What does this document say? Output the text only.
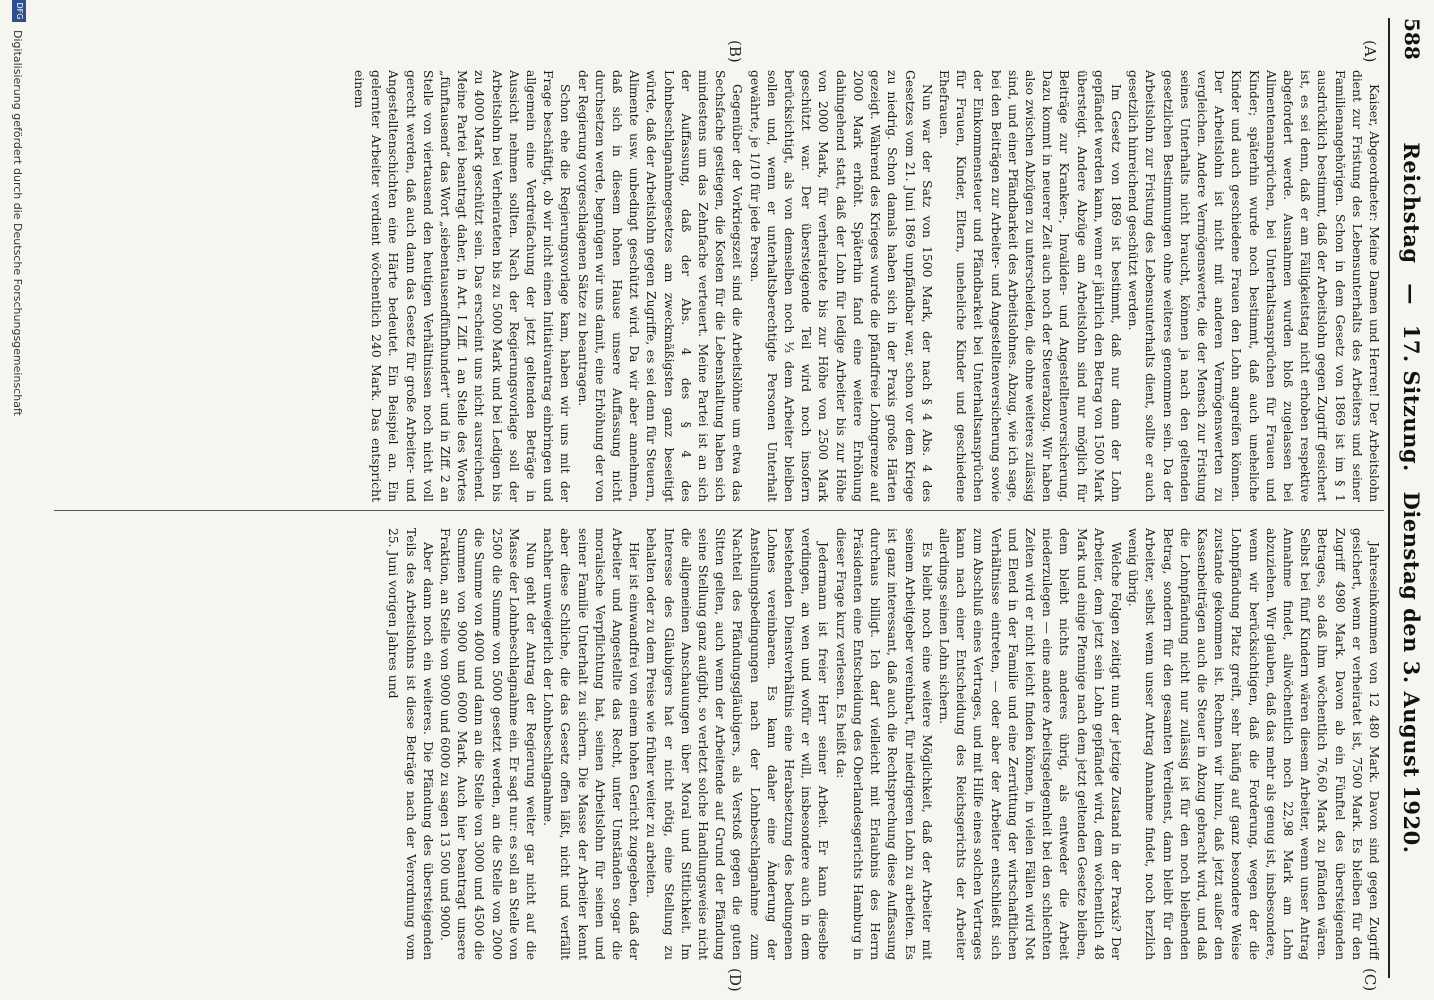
588
Reichstag — 17. Sitzung. Dienstag den 3. August 1920.
(A)
(B)
(C)
(D)

Kaiser, Abgeordneter: Meine Damen und Herren! Der Arbeitslohn dient zur Fristung des Lebensunterhalts des Arbeiters und seiner Familienangehörigen. Schon in dem Gesetz von 1869 ist im § 1 ausdrücklich bestimmt, daß der Arbeitslohn gegen Zugriff gesichert ist, es sei denn, daß er am Fälligkeitstag nicht erhoben respektive abgefordert werde. Ausnahmen wurden bloß zugelassen bei Alimentenansprüchen, bei Unterhaltsansprüchen für Frauen und Kinder; späterhin wurde noch bestimmt, daß auch uneheliche Kinder und auch geschiedene Frauen den Lohn angreifen können. Der Arbeitslohn ist nicht mit anderen Vermögenswerten zu vergleichen. Andere Vermögenswerte, die der Mensch zur Fristung seines Unterhalts nicht braucht, können ja nach den geltenden gesetzlichen Bestimmungen ohne weiteres genommen sein. Da der Arbeitslohn zur Fristung des Lebensunterhalts dient, sollte er auch gesetzlich hinreichend geschützt werden.

Im Gesetz von 1869 ist bestimmt, daß nur dann der Lohn gepfändet werden kann, wenn er jährlich den Betrag von 1500 Mark übersteigt. Andere Abzüge am Arbeitslohn sind nur möglich für Beiträge zur Kranken-, Invaliden- und Angestelltenversicherung. Dazu kommt in neuerer Zeit auch noch der Steuerabzug. Wir haben also zwischen Abzügen zu unterscheiden, die ohne weiteres zulässig sind, und einer Pfändbarkeit des Arbeitslohnes. Abzug, wie ich sage, bei den Beiträgen zur Arbeiter- und Angestelltenversicherung sowie der Einkommensteuer und Pfändbarkeit bei Unterhaltsansprüchen für Frauen, Kinder, Eltern, uneheliche Kinder und geschiedene Ehefrauen.

Nun war der Satz von 1500 Mark, der nach § 4 Abs. 4 des Gesetzes vom 21. Juni 1869 unpfändbar war, schon vor dem Kriege zu niedrig. Schon damals haben sich in der Praxis große Härten gezeigt. Während des Krieges wurde die pfändfreie Lohngrenze auf 2000 Mark erhöht. Späterhin fand eine weitere Erhöhung dahingehend statt, daß der Lohn für ledige Arbeiter bis zur Höhe von 2000 Mark, für verheiratete bis zur Höhe von 2500 Mark geschützt war. Der übersteigende Teil wird noch insofern berücksichtigt, als von demselben noch ⅓ dem Arbeiter bleiben sollen und, wenn er unterhaltsberechtigte Personen Unterhalt gewährte, je 1/10 für jede Person.

Gegenüber der Vorkriegszeit sind die Arbeitslöhne um etwa das Sechsfache gestiegen, die Kosten für die Lebenshaltung haben sich mindestens um das Zehnfache verteuert. Meine Partei ist an sich der Auffassung, daß der Abs. 4 des § 4 des Lohnbeschlagnahmegesetzes am zweckmäßigsten ganz beseitigt würde, daß der Arbeitslohn gegen Zugriffe, es sei denn für Steuern, Alimente usw. unbedingt geschützt wird. Da wir aber annehmen, daß sich in diesem hohen Hause unsere Auffassung nicht durchsetzen werde, begnügen wir uns damit, eine Erhöhung der von der Regierung vorgeschlagenen Sätze zu beantragen.

Schon ehe die Regierungsvorlage kam, haben wir uns mit der Frage beschäftigt, ob wir nicht einen Initiativantrag einbringen und allgemein eine Verdreifachung der jetzt geltenden Beträge in Aussicht nehmen sollten. Nach der Regierungsvorlage soll der Arbeitslohn bei Verheirateten bis zu 5000 Mark und bei Ledigen bis zu 4000 Mark geschützt sein. Das erscheint uns nicht ausreichend. Meine Partei beantragt daher, in Art. I Ziff. 1 an Stelle des Wortes „fünftausend“ das Wort „siebentausendfünfhundert“ und in Ziff. 2 an Stelle von viertausend den heutigen Verhältnissen noch nicht voll gerecht werden, daß auch dann das Gesetz für große Arbeiter- und Angestelltenschichten eine Härte bedeutet. Ein Beispiel an. Ein gelernter Arbeiter verdient wöchentlich 240 Mark. Das entspricht einem

Jahreseinkommen von 12 480 Mark. Davon sind gegen Zugriff gesichert, wenn er verheiratet ist, 7500 Mark. Es bleiben für den Zugriff 4980 Mark. Davon ab ein Fünftel des übersteigenden Betrages, so daß ihm wöchentlich 76,60 Mark zu pfänden wären. Selbst bei fünf Kindern wären diesem Arbeiter, wenn unser Antrag Annahme findet, allwöchentlich noch 22,98 Mark am Lohn abzuziehen. Wir glauben, daß das mehr als genug ist, insbesondere, wenn wir berücksichtigen, daß die Forderung, wegen der die Lohnpfändung Platz greift, sehr häufig auf ganz besondere Weise zustande gekommen ist. Rechnen wir hinzu, daß jetzt außer den Kassenbeiträgen auch die Steuer in Abzug gebracht wird, und daß die Lohnpfändung nicht nur zulässig ist für den noch bleibenden Betrag, sondern für den gesamten Verdienst, dann bleibt für den Arbeiter, selbst wenn unser Antrag Annahme findet, noch herzlich wenig übrig.

Welche Folgen zeitigt nun der jetzige Zustand in der Praxis? Der Arbeiter, dem jetzt sein Lohn gepfändet wird, dem wöchentlich 48 Mark und einige Pfennige nach dem jetzt geltenden Gesetze bleiben, dem bleibt nichts anderes übrig, als entweder die Arbeit niederzulegen — eine andere Arbeitsgelegenheit bei den schlechten Zeiten wird er nicht leicht finden können, in vielen Fällen wird Not und Elend in der Familie und eine Zerrüttung der wirtschaftlichen Verhältnisse eintreten, — oder aber der Arbeiter entschließt sich zum Abschluß eines Vertrages, und mit Hilfe eines solchen Vertrages kann nach einer Entscheidung des Reichsgerichts der Arbeiter allerdings seinen Lohn sichern.

Es bleibt noch eine weitere Möglichkeit, daß der Arbeiter mit seinem Arbeitgeber vereinbart, für niedrigeren Lohn zu arbeiten. Es ist ganz interessant, daß auch die Rechtsprechung diese Auffassung durchaus billigt. Ich darf vielleicht mit Erlaubnis des Herrn Präsidenten eine Entscheidung des Oberlandesgerichts Hamburg in dieser Frage kurz verlesen. Es heißt da:

Jedermann ist freier Herr seiner Arbeit. Er kann dieselbe verdingen, an wen und wofür er will, insbesondere auch in dem bestehenden Dienstverhältnis eine Herabsetzung des bedungenen Lohnes vereinbaren. Es kann daher eine Änderung der Anstellungsbedingungen nach der Lohnbeschlagnahme zum Nachteil des Pfändungsgläubigers, als Verstoß gegen die guten Sitten gelten, auch wenn der Arbeitende auf Grund der Pfändung seine Stellung ganz aufgibt, so verletzt solche Handlungsweise nicht die allgemeinen Anschauungen über Moral und Sittlichkeit. Im Interesse des Gläubigers hat er nicht nötig, eine Stellung zu behalten oder zu dem Preise wie früher weiter zu arbeiten.

Hier ist einwandfrei von einem hohen Gericht zugegeben, daß der Arbeiter und Angestellte das Recht, unter Umständen sogar die moralische Verpflichtung hat, seinen Arbeitslohn für seinen und seiner Familie Unterhalt zu sichern. Die Masse der Arbeiter kennt aber diese Schliche, die das Gesetz offen läßt, nicht und verfällt nachher unweigerlich der Lohnbeschlagnahme.

Nun geht der Antrag der Regierung weiter gar nicht auf die Masse der Lohnbeschlagnahme ein. Er sagt nur: es soll an Stelle von 2500 die Summe von 5000 gesetzt werden, an die Stelle von 2000 die Summe von 4000 und dann an die Stelle von 3000 und 4500 die Summen von 9000 und 6000 Mark. Auch hier beantragt unsere Fraktion, an Stelle von 9000 und 6000 zu sagen 13 500 und 9000.

Aber dann noch ein weiteres. Die Pfändung des übersteigenden Teils des Arbeitslohns ist diese Beträge nach der Verordnung vom 25. Juni vorigen Jahres und

DFG
Digitalisierung gefördert durch die Deutsche Forschungsgemeinschaft
